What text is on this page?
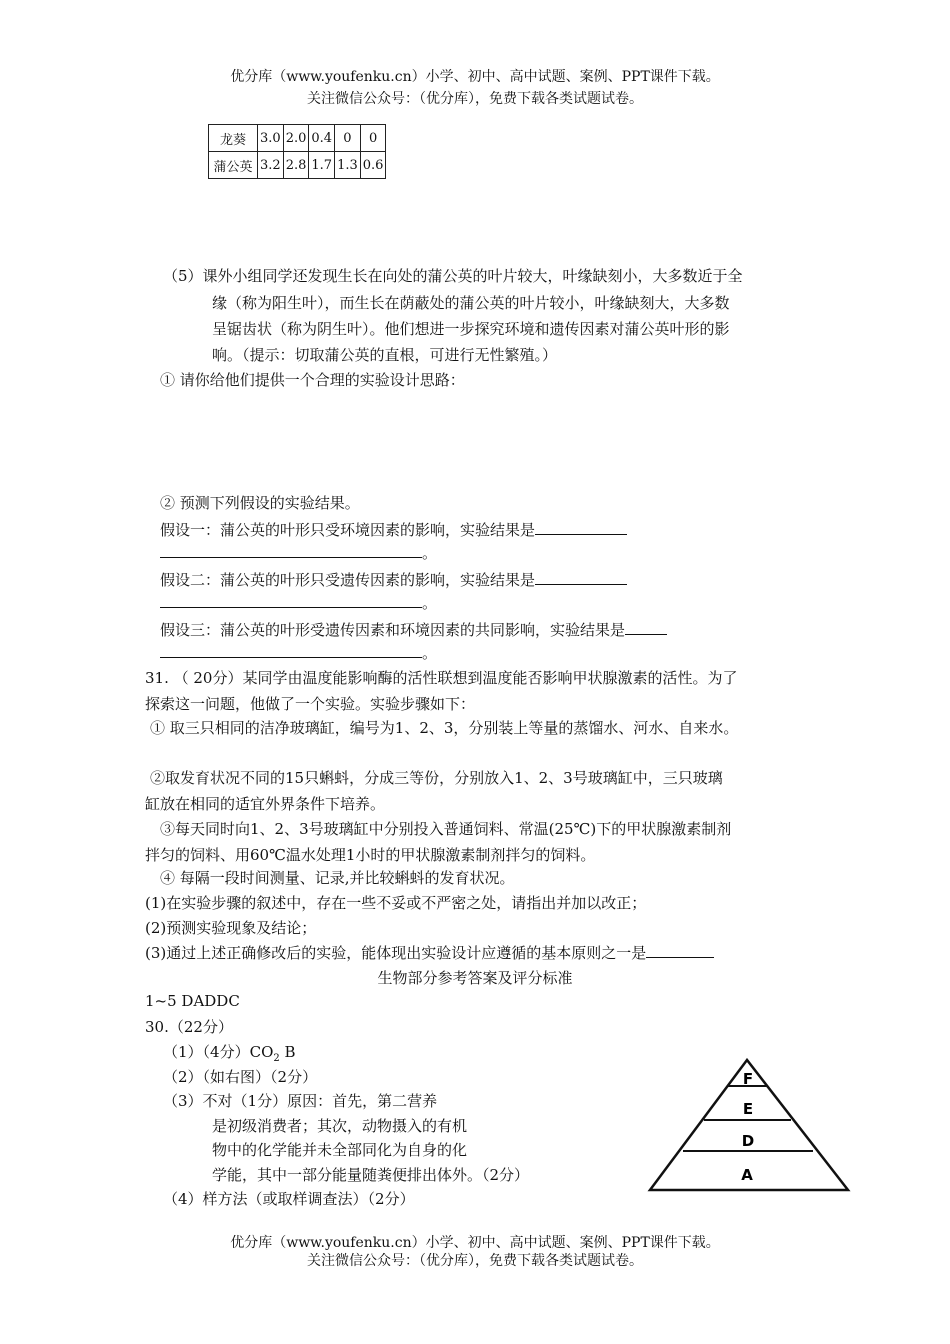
优分库（www.youfenku.cn）小学、初中、高中试题、案例、PPT课件下载。
关注微信公众号：（优分库），免费下载各类试题试卷。
龙葵	3.0	2.0	0.4	0	0
蒲公英	3.2	2.8	1.7	1.3	0.6
（5）课外小组同学还发现生长在向处的蒲公英的叶片较大，叶缘缺刻小，大多数近于全
缘（称为阳生叶），而生长在荫蔽处的蒲公英的叶片较小，叶缘缺刻大，大多数
呈锯齿状（称为阴生叶）。他们想进一步探究环境和遗传因素对蒲公英叶形的影
响。（提示：切取蒲公英的直根，可进行无性繁殖。）
① 请你给他们提供一个合理的实验设计思路：
② 预测下列假设的实验结果。
假设一：蒲公英的叶形只受环境因素的影响，实验结果是
。
假设二：蒲公英的叶形只受遗传因素的影响，实验结果是
。
假设三：蒲公英的叶形受遗传因素和环境因素的共同影响，实验结果是
。
31. （ 20分）某同学由温度能影响酶的活性联想到温度能否影响甲状腺激素的活性。为了
探索这一问题，他做了一个实验。实验步骤如下：
① 取三只相同的洁净玻璃缸，编号为1、2、3，分别装上等量的蒸馏水、河水、自来水。
②取发育状况不同的15只蝌蚪，分成三等份，分别放入1、2、3号玻璃缸中，三只玻璃
缸放在相同的适宜外界条件下培养。
③每天同时向1、2、3号玻璃缸中分别投入普通饲料、常温(25℃)下的甲状腺激素制剂
拌匀的饲料、用60℃温水处理1小时的甲状腺激素制剂拌匀的饲料。
④ 每隔一段时间测量、记录,并比较蝌蚪的发育状况。
(1)在实验步骤的叙述中，存在一些不妥或不严密之处，请指出并加以改正；
(2)预测实验现象及结论；
(3)通过上述正确修改后的实验，能体现出实验设计应遵循的基本原则之一是
生物部分参考答案及评分标准
1~5 DADDC
30.（22分）
（1）（4分）$CO_2$ B
（2）（如右图）（2分）
（3）不对（1分）原因：首先，第二营养
是初级消费者；其次，动物摄入的有机
物中的化学能并未全部同化为自身的化
学能，其中一部分能量随粪便排出体外。（2分）
（4）样方法（或取样调查法）（2分）
F
E
D
A
优分库（www.youfenku.cn）小学、初中、高中试题、案例、PPT课件下载。
关注微信公众号：（优分库），免费下载各类试题试卷。
